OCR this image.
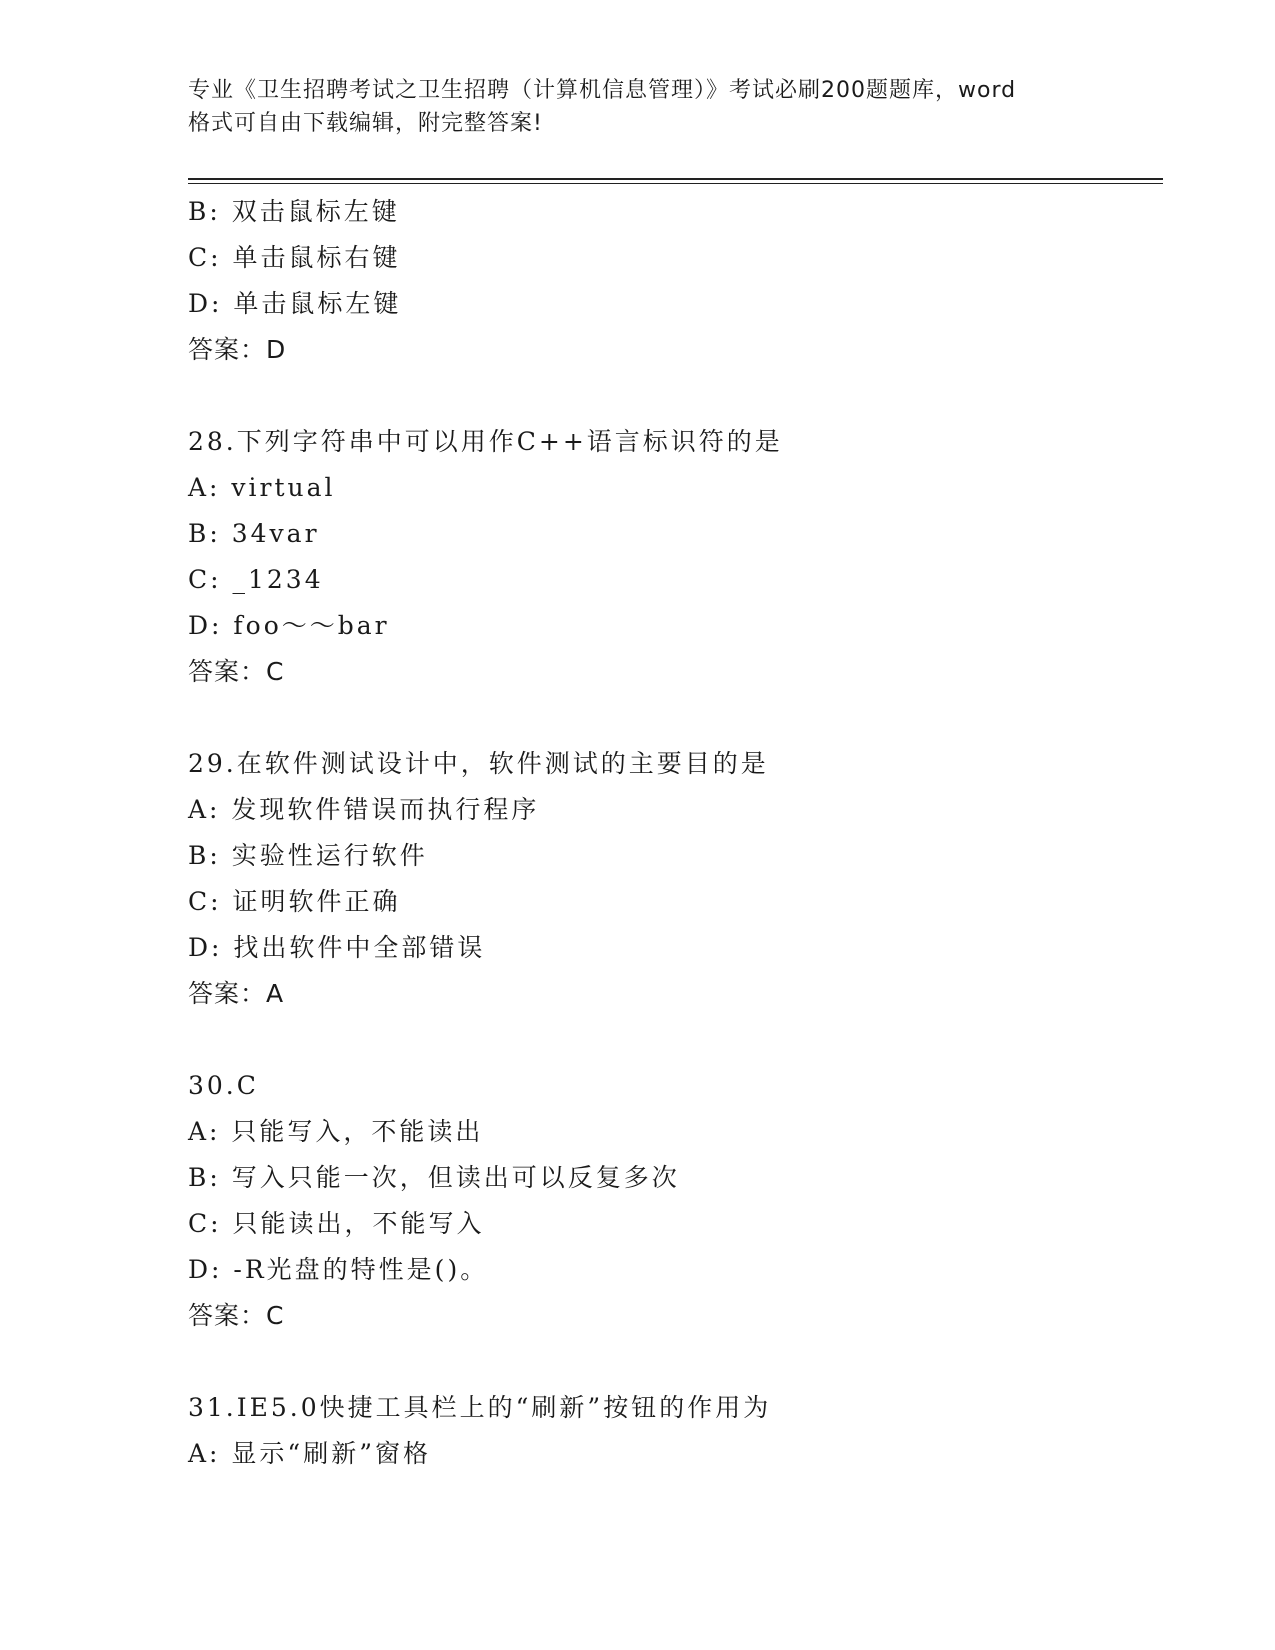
专业《卫生招聘考试之卫生招聘（计算机信息管理）》考试必刷200题题库，word
格式可自由下载编辑，附完整答案!
B: 双击鼠标左键
C: 单击鼠标右键
D: 单击鼠标左键
答案：D
28.下列字符串中可以用作C++语言标识符的是
A: virtual
B: 34var
C: _1234
D: foo～～bar
答案：C
29.在软件测试设计中，软件测试的主要目的是
A: 发现软件错误而执行程序
B: 实验性运行软件
C: 证明软件正确
D: 找出软件中全部错误
答案：A
30.C
A: 只能写入，不能读出
B: 写入只能一次，但读出可以反复多次
C: 只能读出，不能写入
D: -R光盘的特性是()。
答案：C
31.IE5.0快捷工具栏上的“刷新”按钮的作用为
A: 显示“刷新”窗格
